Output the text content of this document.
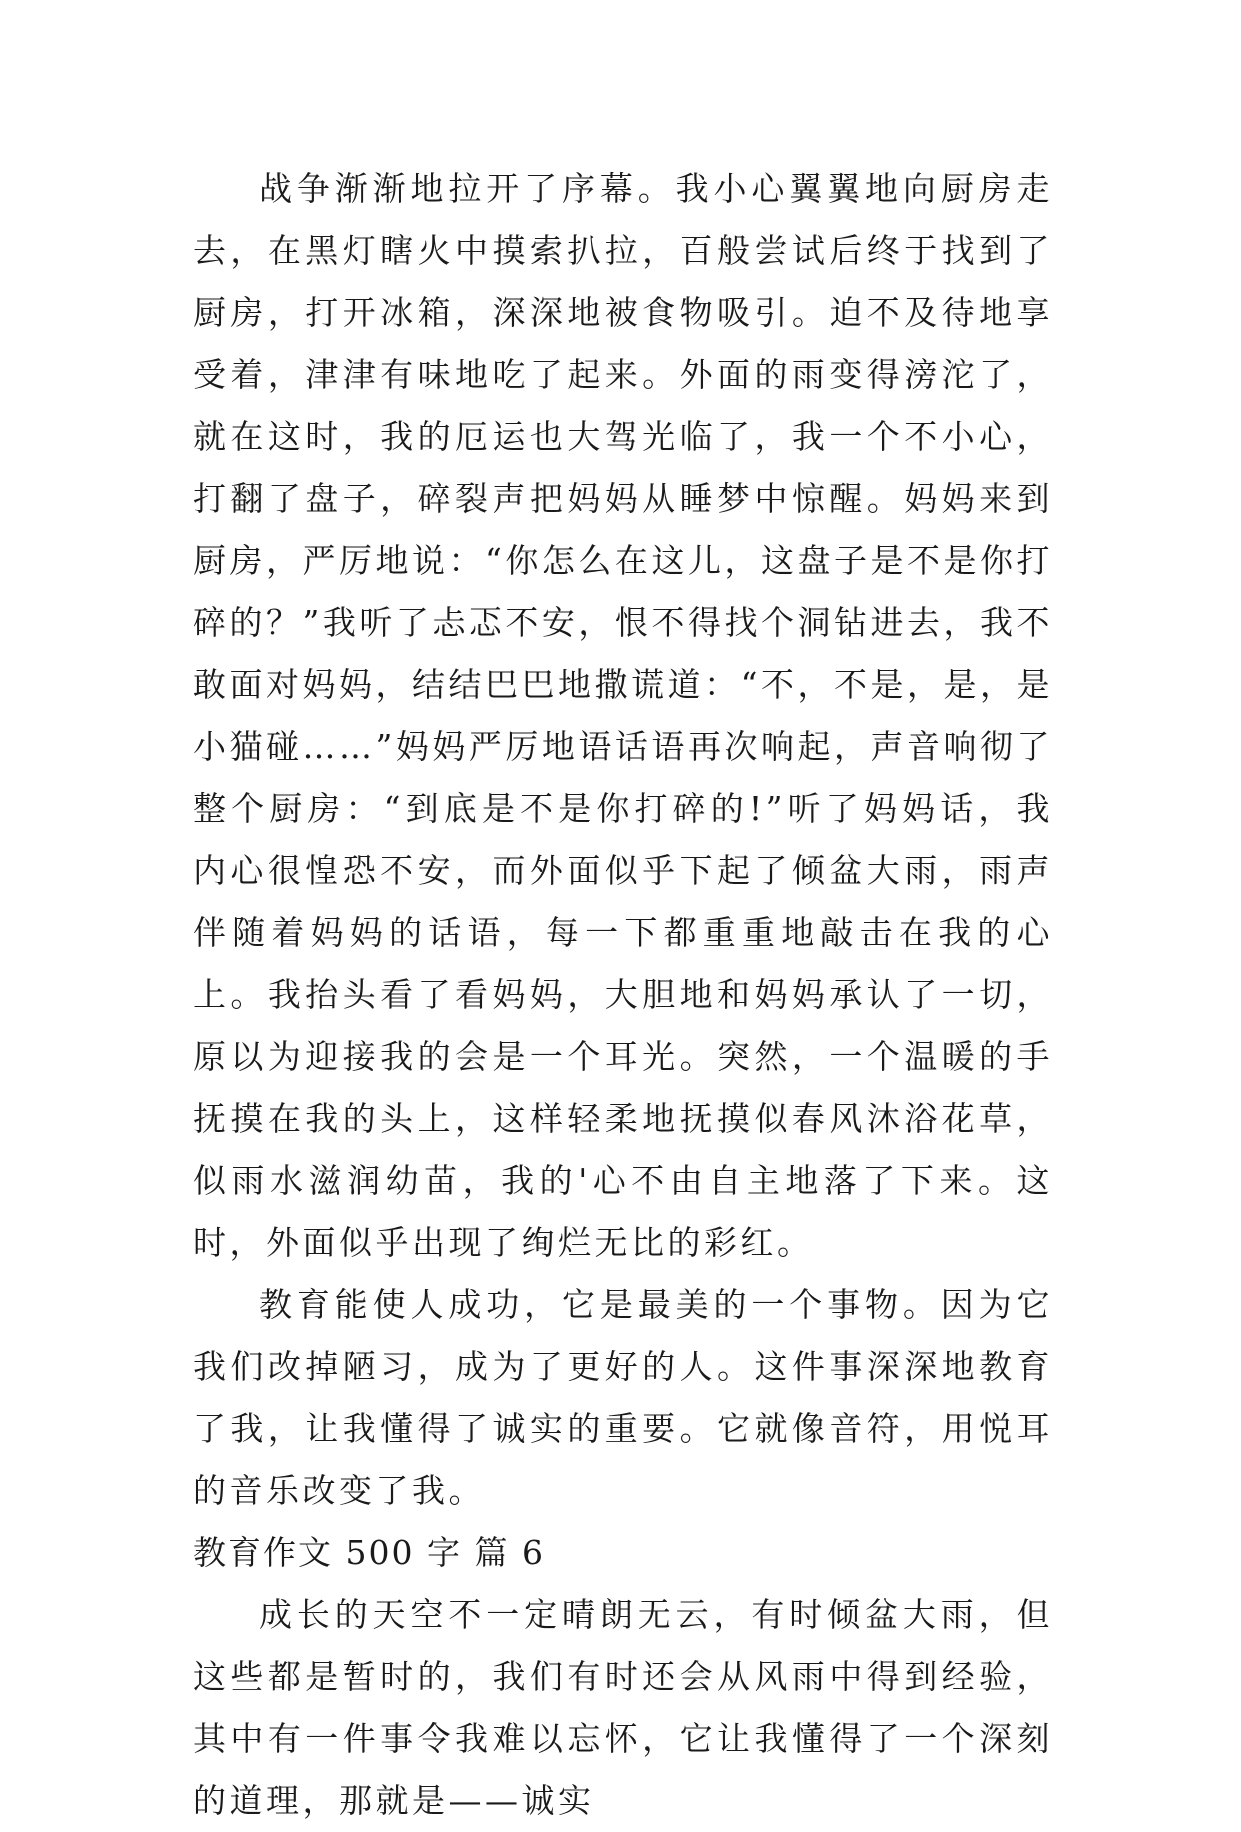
战争渐渐地拉开了序幕。我小心翼翼地向厨房走去，在黑灯瞎火中摸索扒拉，百般尝试后终于找到了厨房，打开冰箱，深深地被食物吸引。迫不及待地享受着，津津有味地吃了起来。外面的雨变得滂沱了，就在这时，我的厄运也大驾光临了，我一个不小心，打翻了盘子，碎裂声把妈妈从睡梦中惊醒。妈妈来到厨房，严厉地说：“你怎么在这儿，这盘子是不是你打碎的？”我听了忐忑不安，恨不得找个洞钻进去，我不敢面对妈妈，结结巴巴地撒谎道：“不，不是，是，是小猫碰……”妈妈严厉地语话语再次响起，声音响彻了整个厨房：“到底是不是你打碎的!”听了妈妈话，我内心很惶恐不安，而外面似乎下起了倾盆大雨，雨声伴随着妈妈的话语，每一下都重重地敲击在我的心上。我抬头看了看妈妈，大胆地和妈妈承认了一切，原以为迎接我的会是一个耳光。突然，一个温暖的手抚摸在我的头上，这样轻柔地抚摸似春风沐浴花草，似雨水滋润幼苗，我的'心不由自主地落了下来。这时，外面似乎出现了绚烂无比的彩红。

教育能使人成功，它是最美的一个事物。因为它我们改掉陋习，成为了更好的人。这件事深深地教育了我，让我懂得了诚实的重要。它就像音符，用悦耳的音乐改变了我。

教育作文 500 字 篇 6

成长的天空不一定晴朗无云，有时倾盆大雨，但这些都是暂时的，我们有时还会从风雨中得到经验，其中有一件事令我难以忘怀，它让我懂得了一个深刻的道理，那就是——诚实
